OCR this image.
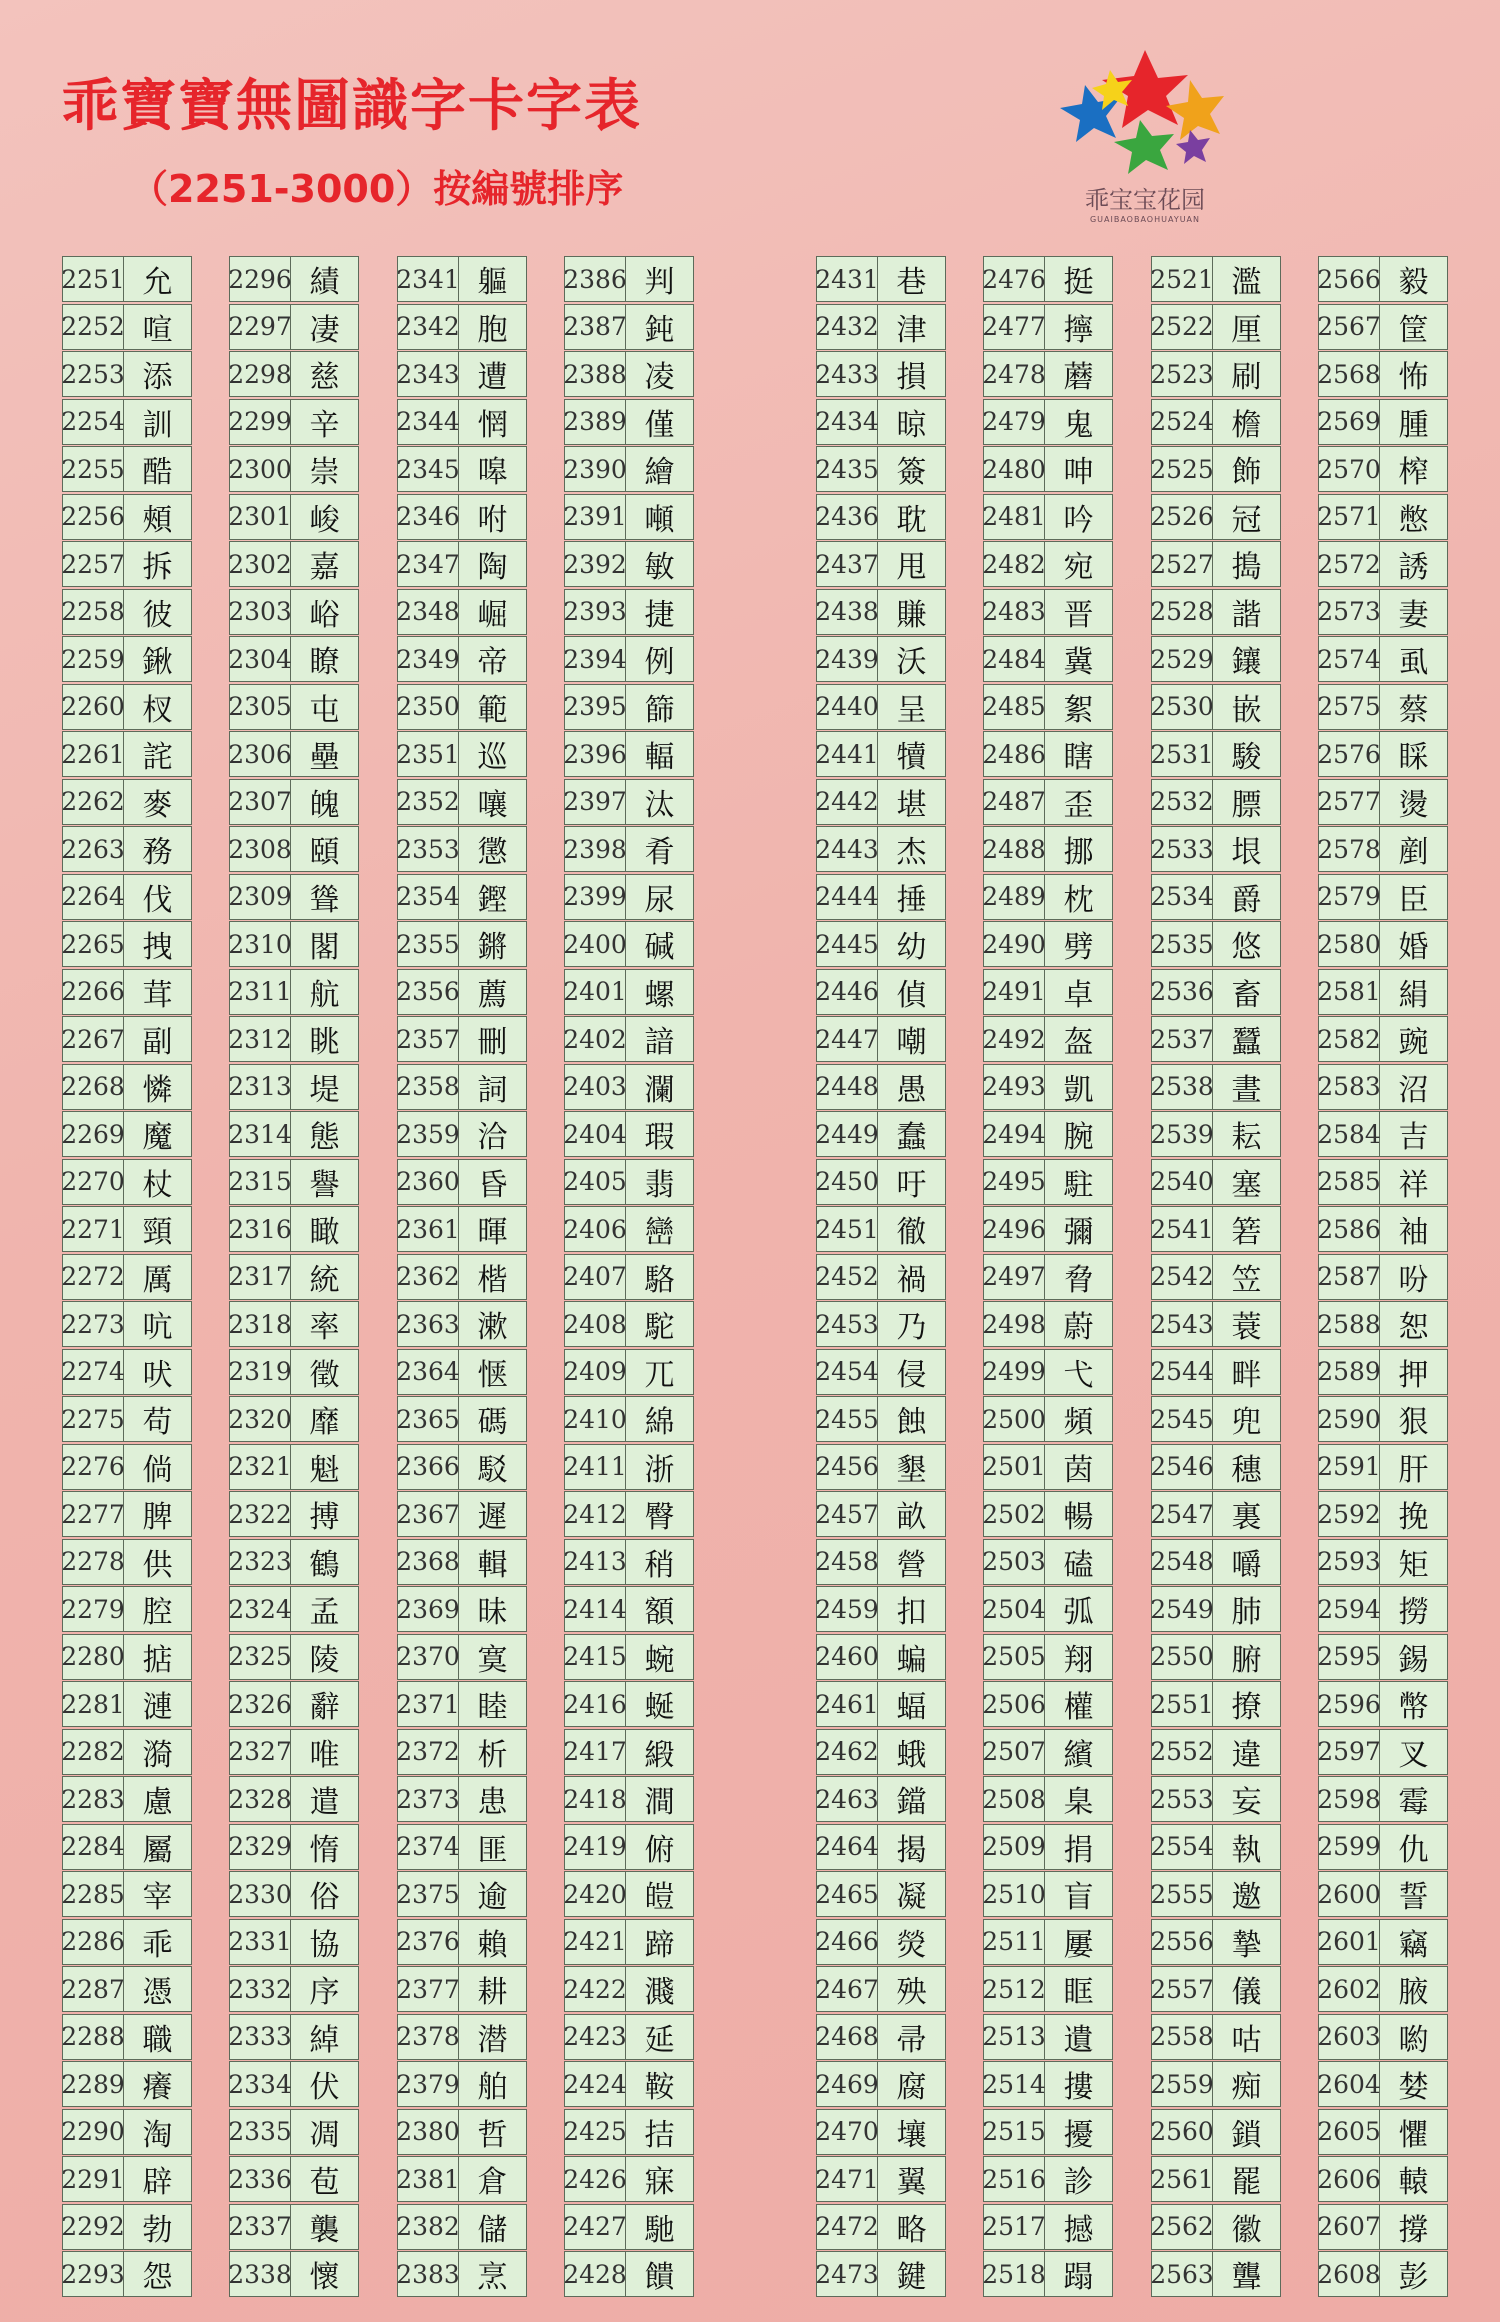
乖寶寶無圖識字卡字表
（2251-3000）按編號排序	乖宝宝花园
GUAIBAOBAOHUAYUAN
2251 允
2252 喧
2253 添
2254 訓
2255 酷
2256 頰
2257 拆
2258 彼
2259 鍬
2260 杈
2261 詫
2262 麥
2263 務
2264 伐
2265 拽
2266 茸
2267 副
2268 憐
2269 魔
2270 杖
2271 頸
2272 厲
2273 吭
2274 吠
2275 苟
2276 倘
2277 脾
2278 供
2279 腔
2280 掂
2281 漣
2282 漪
2283 慮
2284 屬
2285 宰
2286 乖
2287 憑
2288 職
2289 癢
2290 淘
2291 辟
2292 勃
2293 怨
2296 績
2297 凄
2298 慈
2299 辛
2300 崇
2301 峻
2302 嘉
2303 峪
2304 瞭
2305 屯
2306 壘
2307 魄
2308 頤
2309 聳
2310 閣
2311 航
2312 眺
2313 堤
2314 態
2315 譽
2316 瞰
2317 統
2318 率
2319 徵
2320 靡
2321 魁
2322 搏
2323 鶴
2324 孟
2325 陵
2326 辭
2327 唯
2328 遣
2329 惰
2330 俗
2331 協
2332 序
2333 綽
2334 伏
2335 凋
2336 苞
2337 襲
2338 懷
2341 軀
2342 胞
2343 遭
2344 惘
2345 嗥
2346 咐
2347 陶
2348 崛
2349 帝
2350 範
2351 巡
2352 嚷
2353 懲
2354 鏗
2355 鏘
2356 薦
2357 刪
2358 詞
2359 洽
2360 昏
2361 暉
2362 楷
2363 漱
2364 惬
2365 碼
2366 駁
2367 遲
2368 輯
2369 昧
2370 寞
2371 睦
2372 析
2373 患
2374 匪
2375 逾
2376 賴
2377 耕
2378 潜
2379 舶
2380 哲
2381 倉
2382 儲
2383 烹
2386 判
2387 鈍
2388 凌
2389 僅
2390 繪
2391 噸
2392 敏
2393 捷
2394 例
2395 篩
2396 輻
2397 汰
2398 肴
2399 尿
2400 碱
2401 螺
2402 諳
2403 瀾
2404 瑕
2405 翡
2406 巒
2407 駱
2408 駝
2409 兀
2410 綿
2411 浙
2412 臀
2413 稍
2414 額
2415 蜿
2416 蜒
2417 緞
2418 澗
2419 俯
2420 皚
2421 蹄
2422 濺
2423 延
2424 鞍
2425 拮
2426 寐
2427 馳
2428 饋
2431 巷
2432 津
2433 損
2434 晾
2435 簽
2436 耽
2437 甩
2438 賺
2439 沃
2440 呈
2441 犢
2442 堪
2443 杰
2444 捶
2445 幼
2446 偵
2447 嘲
2448 愚
2449 蠢
2450 吁
2451 徹
2452 禍
2453 乃
2454 侵
2455 蝕
2456 墾
2457 畝
2458 營
2459 扣
2460 蝙
2461 蝠
2462 蛾
2463 鐺
2464 揭
2465 凝
2466 熒
2467 殃
2468 帚
2469 腐
2470 壤
2471 翼
2472 略
2473 鍵
2476 挺
2477 擰
2478 蘑
2479 鬼
2480 呻
2481 吟
2482 宛
2483 晋
2484 冀
2485 絮
2486 瞎
2487 歪
2488 挪
2489 枕
2490 劈
2491 卓
2492 盔
2493 凱
2494 腕
2495 駐
2496 彌
2497 脅
2498 蔚
2499 弋
2500 頻
2501 茵
2502 暢
2503 磕
2504 弧
2505 翔
2506 權
2507 繽
2508 臬
2509 捐
2510 盲
2511 屢
2512 眶
2513 遺
2514 摟
2515 擾
2516 診
2517 撼
2518 蹋
2521 濫
2522 厘
2523 刷
2524 檐
2525 飾
2526 冠
2527 搗
2528 諧
2529 鑲
2530 嵌
2531 駿
2532 膘
2533 垠
2534 爵
2535 悠
2536 畜
2537 蠶
2538 晝
2539 耘
2540 塞
2541 箬
2542 笠
2543 蓑
2544 畔
2545 兜
2546 穗
2547 裏
2548 嚼
2549 肺
2550 腑
2551 撩
2552 違
2553 妄
2554 執
2555 邀
2556 摯
2557 儀
2558 咕
2559 痴
2560 鎖
2561 罷
2562 徽
2563 聾
2566 毅
2567 筐
2568 怖
2569 腫
2570 榨
2571 憋
2572 誘
2573 妻
2574 虱
2575 蔡
2576 睬
2577 燙
2578 剷
2579 臣
2580 婚
2581 絹
2582 豌
2583 沼
2584 吉
2585 祥
2586 袖
2587 吩
2588 恕
2589 押
2590 狠
2591 肝
2592 挽
2593 矩
2594 撈
2595 錫
2596 幣
2597 叉
2598 霉
2599 仇
2600 誓
2601 竊
2602 腋
2603 喲
2604 婪
2605 懼
2606 轅
2607 撐
2608 彭
